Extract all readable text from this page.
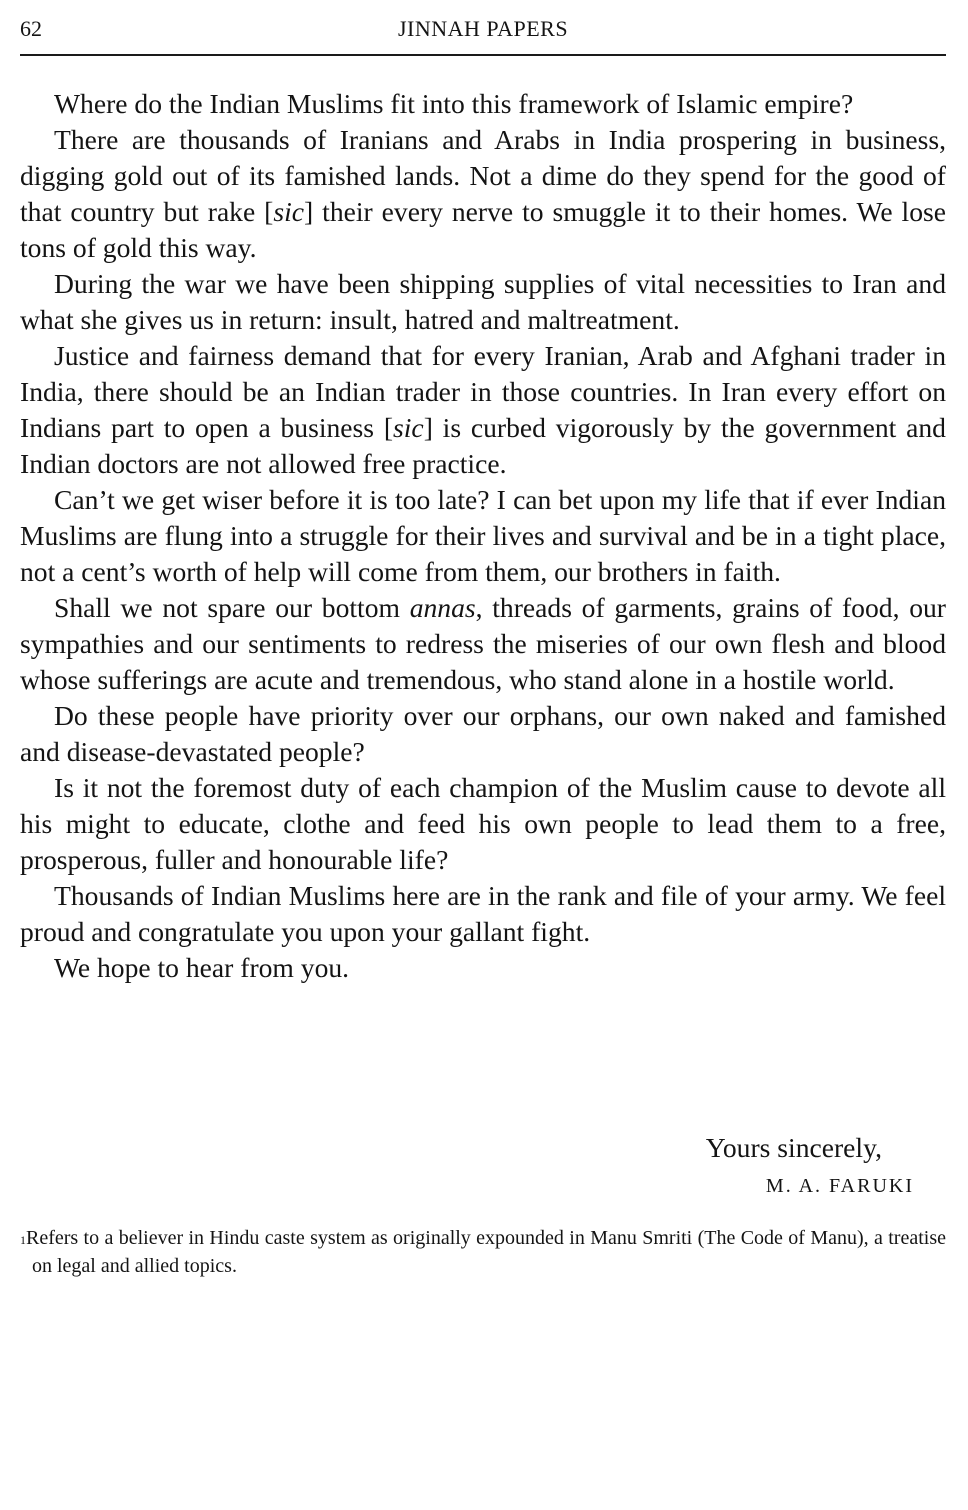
62	JINNAH PAPERS

Where do the Indian Muslims fit into this framework of Islamic empire?

There are thousands of Iranians and Arabs in India prospering in business, digging gold out of its famished lands. Not a dime do they spend for the good of that country but rake [sic] their every nerve to smuggle it to their homes. We lose tons of gold this way.

During the war we have been shipping supplies of vital necessities to Iran and what she gives us in return: insult, hatred and maltreatment.

Justice and fairness demand that for every Iranian, Arab and Afghani trader in India, there should be an Indian trader in those countries. In Iran every effort on Indians part to open a business [sic] is curbed vigorously by the government and Indian doctors are not allowed free practice.

Can’t we get wiser before it is too late? I can bet upon my life that if ever Indian Muslims are flung into a struggle for their lives and survival and be in a tight place, not a cent’s worth of help will come from them, our brothers in faith.

Shall we not spare our bottom annas, threads of garments, grains of food, our sympathies and our sentiments to redress the miseries of our own flesh and blood whose sufferings are acute and tremendous, who stand alone in a hostile world.

Do these people have priority over our orphans, our own naked and famished and disease-devastated people?

Is it not the foremost duty of each champion of the Muslim cause to devote all his might to educate, clothe and feed his own people to lead them to a free, prosperous, fuller and honourable life?

Thousands of Indian Muslims here are in the rank and file of your army. We feel proud and congratulate you upon your gallant fight.

We hope to hear from you.

Yours sincerely,
M. A. FARUKI
$^1$Refers to a believer in Hindu caste system as originally expounded in Manu Smriti (The Code of Manu), a treatise on legal and allied topics.
